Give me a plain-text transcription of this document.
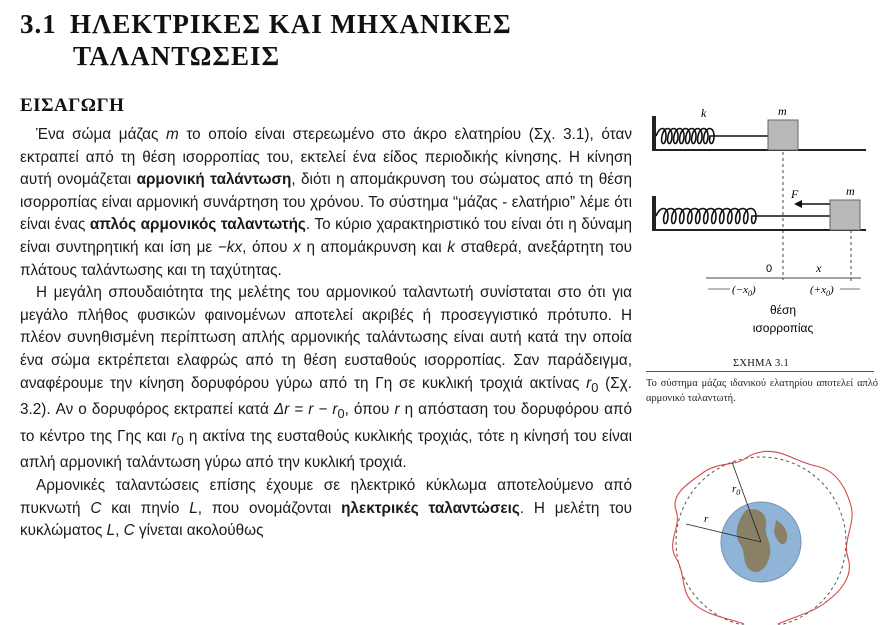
3.1 ΗΛΕΚΤΡΙΚΕΣ ΚΑΙ ΜΗΧΑΝΙΚΕΣ
ΤΑΛΑΝΤΩΣΕΙΣ
ΕΙΣΑΓΩΓΗ

Ένα σώμα μάζας m το οποίο είναι στερεωμένο στο άκρο ελατηρίου (Σχ. 3.1), όταν εκτραπεί από τη θέση ισορροπίας του, εκτελεί ένα είδος περιοδικής κίνησης. Η κίνηση αυτή ονομάζεται αρμονική ταλάντωση, διότι η απομάκρυνση του σώματος από τη θέση ισορροπίας είναι αρμονική συνάρτηση του χρόνου. Το σύστημα “μάζας - ελατήριο” λέμε ότι είναι ένας απλός αρμονικός ταλαντωτής. Το κύριο χαρακτηριστικό του είναι ότι η δύναμη είναι συντηρητική και ίση με −kx, όπου x η απομάκρυνση και k σταθερά, ανεξάρτητη του πλάτους ταλάντωσης και τη ταχύτητας.

Η μεγάλη σπουδαιότητα της μελέτης του αρμονικού ταλαντωτή συνίσταται στο ότι για μεγάλο πλήθος φυσικών φαινομένων αποτελεί ακριβές ή προσεγγιστικό πρότυπο. Η πλέον συνηθισμένη περίπτωση απλής αρμονικής ταλάντωσης είναι αυτή κατά την οποία ένα σώμα εκτρέπεται ελαφρώς από τη θέση ευσταθούς ισορροπίας. Σαν παράδειγμα, αναφέρουμε την κίνηση δορυφόρου γύρω από τη Γη σε κυκλική τροχιά ακτίνας $r_0$ (Σχ. 3.2). Αν ο δορυφόρος εκτραπεί κατά $\Delta r = r - r_0$, όπου r η απόσταση του δορυφόρου από το κέντρο της Γης και $r_0$ η ακτίνα της ευσταθούς κυκλικής τροχιάς, τότε η κίνησή του είναι απλή αρμονική ταλάντωση γύρω από την κυκλική τροχιά.

Αρμονικές ταλαντώσεις επίσης έχουμε σε ηλεκτρικό κύκλωμα αποτελούμενο από πυκνωτή C και πηνίο L, που ονομάζονται ηλεκτρικές ταλαντώσεις. Η μελέτη του κυκλώματος L, C γίνεται ακολούθως

k	m
F	m
0	x
$(-x_0)$	$(+x_0)$
θέση
ισορροπίας
ΣΧΗΜΑ 3.1
Το σύστημα μάζας ιδανικού ελατηρίου αποτελεί απλό αρμονικό ταλαντωτή.
$r_0$
r
